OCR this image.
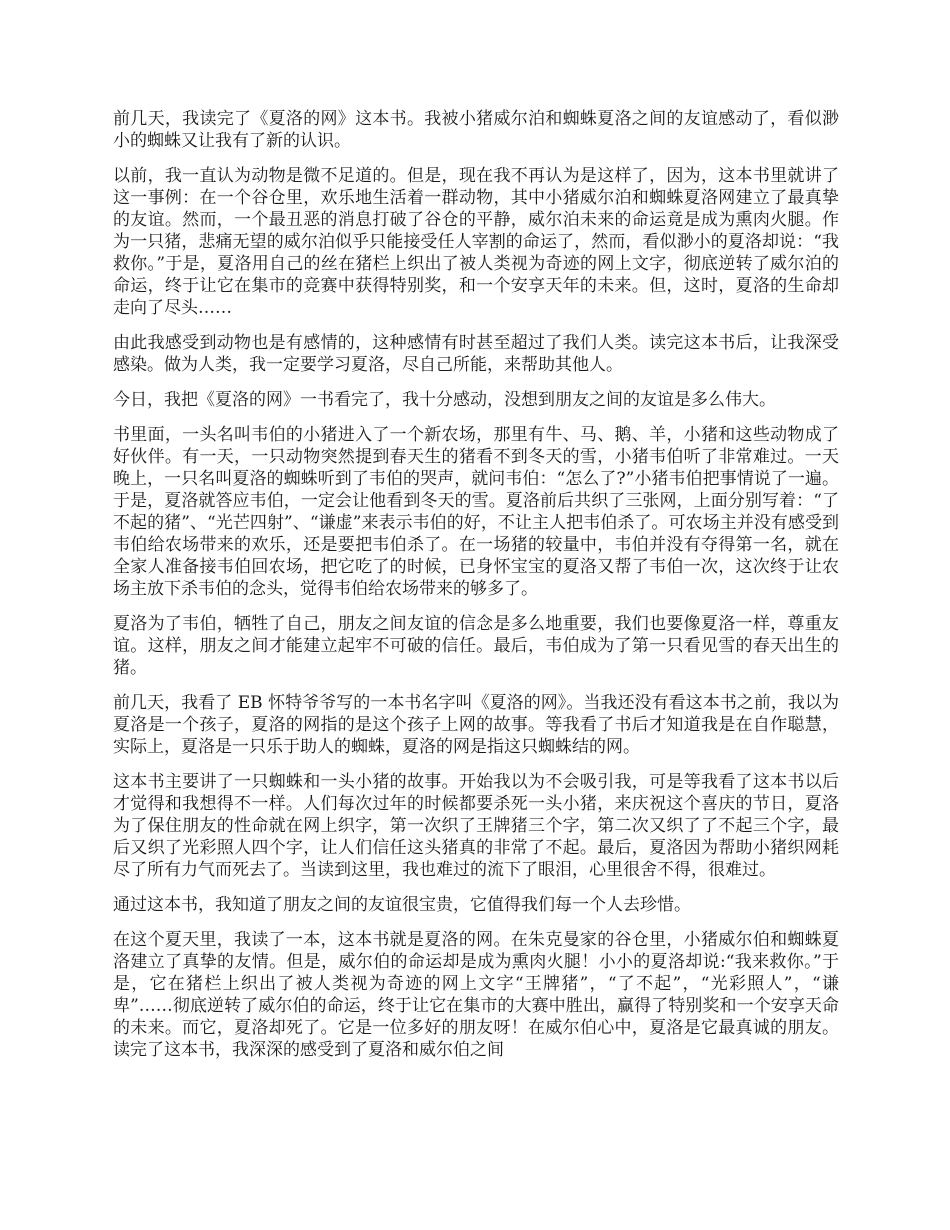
前几天，我读完了《夏洛的网》这本书。我被小猪威尔泊和蜘蛛夏洛之间的友谊感动了，看似渺小的蜘蛛又让我有了新的认识。

以前，我一直认为动物是微不足道的。但是，现在我不再认为是这样了，因为，这本书里就讲了这一事例：在一个谷仓里，欢乐地生活着一群动物，其中小猪威尔泊和蜘蛛夏洛网建立了最真挚的友谊。然而，一个最丑恶的消息打破了谷仓的平静，威尔泊未来的命运竟是成为熏肉火腿。作为一只猪，悲痛无望的威尔泊似乎只能接受任人宰割的命运了，然而，看似渺小的夏洛却说：“我救你。”于是，夏洛用自己的丝在猪栏上织出了被人类视为奇迹的网上文字，彻底逆转了威尔泊的命运，终于让它在集市的竞赛中获得特别奖，和一个安享天年的未来。但，这时，夏洛的生命却走向了尽头……

由此我感受到动物也是有感情的，这种感情有时甚至超过了我们人类。读完这本书后，让我深受感染。做为人类，我一定要学习夏洛，尽自己所能，来帮助其他人。

今日，我把《夏洛的网》一书看完了，我十分感动，没想到朋友之间的友谊是多么伟大。

书里面，一头名叫韦伯的小猪进入了一个新农场，那里有牛、马、鹅、羊，小猪和这些动物成了好伙伴。有一天，一只动物突然提到春天生的猪看不到冬天的雪，小猪韦伯听了非常难过。一天晚上，一只名叫夏洛的蜘蛛听到了韦伯的哭声，就问韦伯：“怎么了?”小猪韦伯把事情说了一遍。于是，夏洛就答应韦伯，一定会让他看到冬天的雪。夏洛前后共织了三张网，上面分别写着：“了不起的猪”、“光芒四射”、“谦虚”来表示韦伯的好，不让主人把韦伯杀了。可农场主并没有感受到韦伯给农场带来的欢乐，还是要把韦伯杀了。在一场猪的较量中，韦伯并没有夺得第一名，就在全家人准备接韦伯回农场，把它吃了的时候，已身怀宝宝的夏洛又帮了韦伯一次，这次终于让农场主放下杀韦伯的念头，觉得韦伯给农场带来的够多了。

夏洛为了韦伯，牺牲了自己，朋友之间友谊的信念是多么地重要，我们也要像夏洛一样，尊重友谊。这样，朋友之间才能建立起牢不可破的信任。最后，韦伯成为了第一只看见雪的春天出生的猪。

前几天，我看了 EB 怀特爷爷写的一本书名字叫《夏洛的网》。当我还没有看这本书之前，我以为夏洛是一个孩子，夏洛的网指的是这个孩子上网的故事。等我看了书后才知道我是在自作聪慧，实际上，夏洛是一只乐于助人的蜘蛛，夏洛的网是指这只蜘蛛结的网。

这本书主要讲了一只蜘蛛和一头小猪的故事。开始我以为不会吸引我，可是等我看了这本书以后才觉得和我想得不一样。人们每次过年的时候都要杀死一头小猪，来庆祝这个喜庆的节日，夏洛为了保住朋友的性命就在网上织字，第一次织了王牌猪三个字，第二次又织了了不起三个字，最后又织了光彩照人四个字，让人们信任这头猪真的非常了不起。最后，夏洛因为帮助小猪织网耗尽了所有力气而死去了。当读到这里，我也难过的流下了眼泪，心里很舍不得，很难过。

通过这本书，我知道了朋友之间的友谊很宝贵，它值得我们每一个人去珍惜。

在这个夏天里，我读了一本，这本书就是夏洛的网。在朱克曼家的谷仓里，小猪威尔伯和蜘蛛夏洛建立了真挚的友情。但是，威尔伯的命运却是成为熏肉火腿！小小的夏洛却说:“我来救你。”于是，它在猪栏上织出了被人类视为奇迹的网上文字“王牌猪”，“了不起”，“光彩照人”，“谦卑”……彻底逆转了威尔伯的命运，终于让它在集市的大赛中胜出，赢得了特别奖和一个安享天命的未来。而它，夏洛却死了。它是一位多好的朋友呀！在威尔伯心中，夏洛是它最真诚的朋友。读完了这本书，我深深的感受到了夏洛和威尔伯之间
